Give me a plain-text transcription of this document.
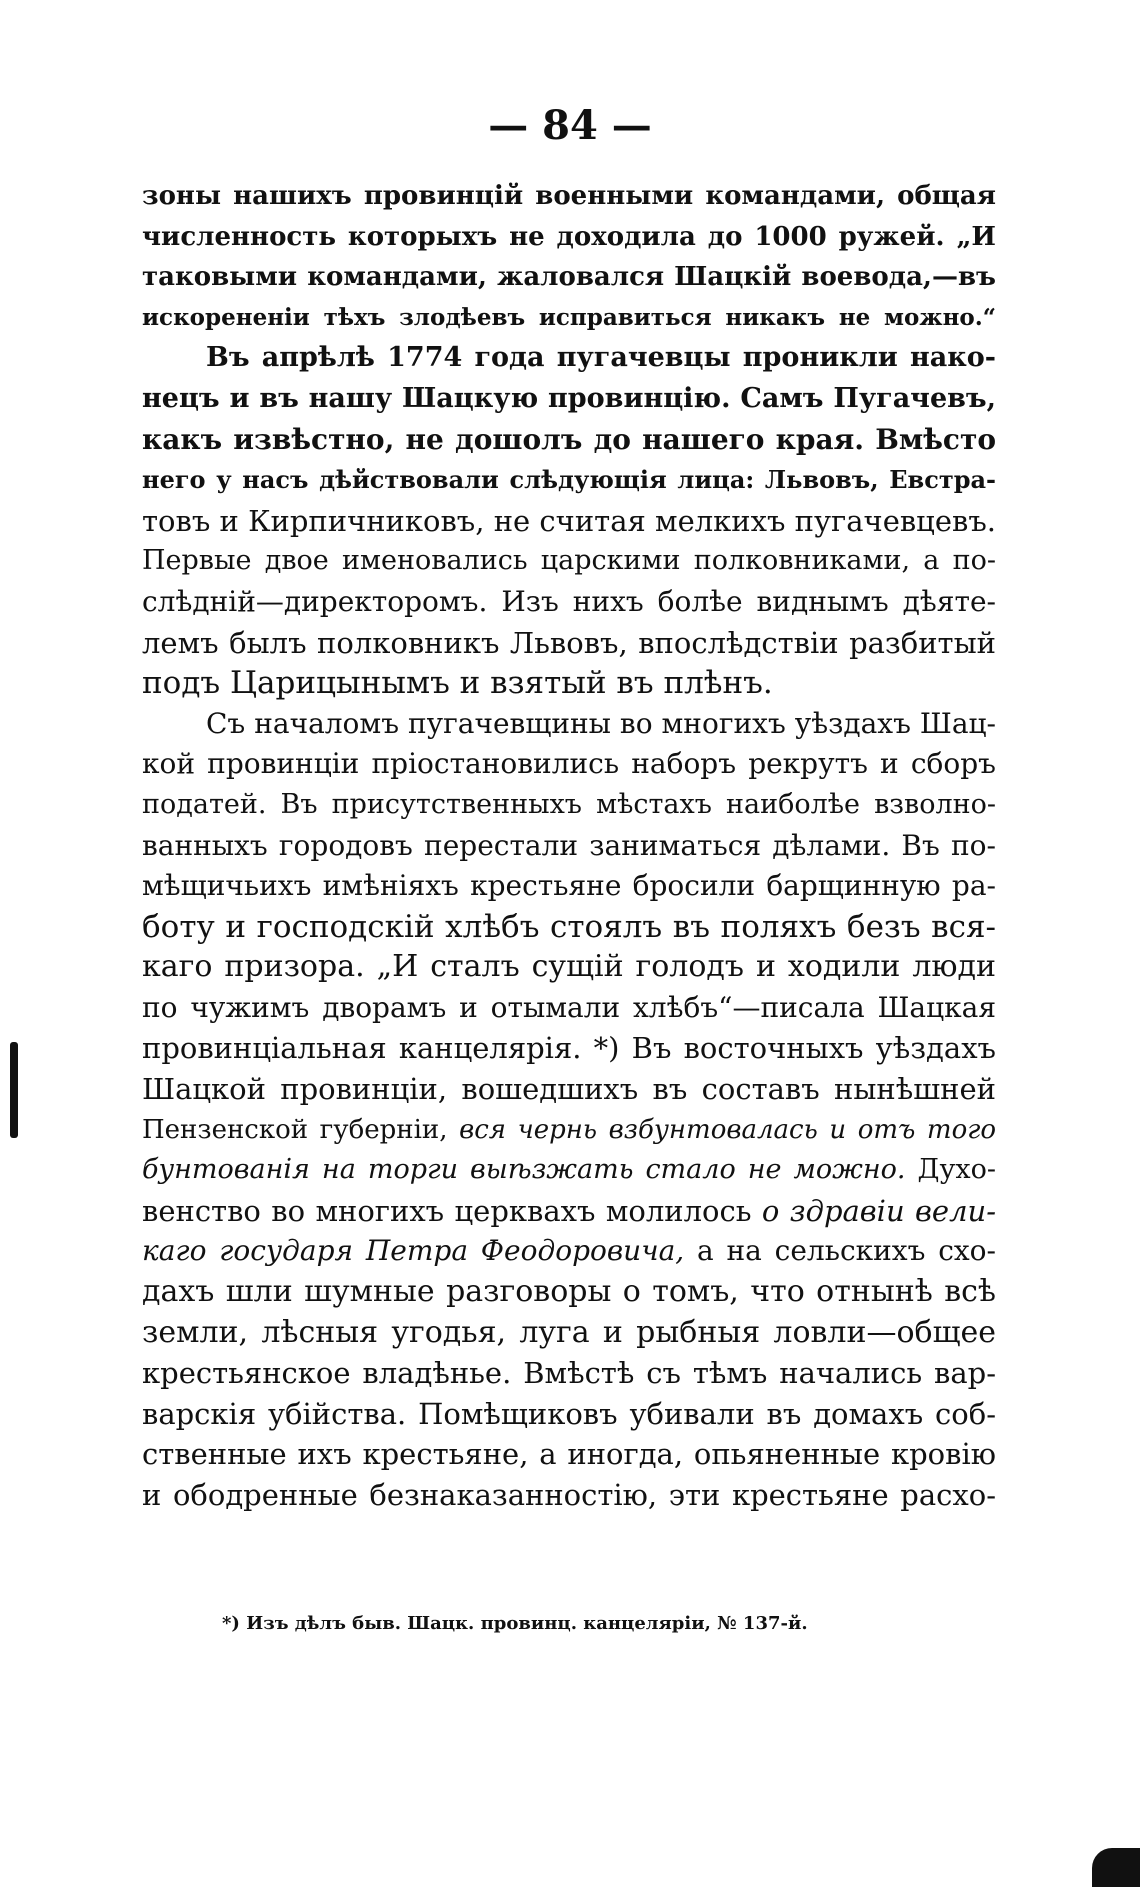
— 84 —
зоны нашихъ провинцій военными командами, общая
численность которыхъ не доходила до 1000 ружей. „И
таковыми командами, жаловался Шацкій воевода,—въ
искорененіи тѣхъ злодѣевъ исправиться никакъ не можно.“
Въ апрѣлѣ 1774 года пугачевцы проникли нако-
нецъ и въ нашу Шацкую провинцію. Самъ Пугачевъ,
какъ извѣстно, не дошолъ до нашего края. Вмѣсто
него у насъ дѣйствовали слѣдующія лица: Львовъ, Евстра-
товъ и Кирпичниковъ, не считая мелкихъ пугачевцевъ.
Первые двое именовались царскими полковниками, а по-
слѣдній—директоромъ. Изъ нихъ болѣе виднымъ дѣяте-
лемъ былъ полковникъ Львовъ, впослѣдствіи разбитый
подъ Царицынымъ и взятый въ плѣнъ.
Съ началомъ пугачевщины во многихъ уѣздахъ Шац-
кой провинціи пріостановились наборъ рекрутъ и сборъ
податей. Въ присутственныхъ мѣстахъ наиболѣе взволно-
ванныхъ городовъ перестали заниматься дѣлами. Въ по-
мѣщичьихъ имѣніяхъ крестьяне бросили барщинную ра-
боту и господскій хлѣбъ стоялъ въ поляхъ безъ вся-
каго призора. „И сталъ сущій голодъ и ходили люди
по чужимъ дворамъ и отымали хлѣбъ“—писала Шацкая
провинціальная канцелярія. *) Въ восточныхъ уѣздахъ
Шацкой провинціи, вошедшихъ въ составъ нынѣшней
Пензенской губерніи, вся чернь взбунтовалась и отъ того
бунтованія на торги выѣзжать стало не можно. Духо-
венство во многихъ церквахъ молилось о здравіи вели-
каго государя Петра Феодоровича, а на сельскихъ схо-
дахъ шли шумные разговоры о томъ, что отнынѣ всѣ
земли, лѣсныя угодья, луга и рыбныя ловли—общее
крестьянское владѣнье. Вмѣстѣ съ тѣмъ начались вар-
варскія убійства. Помѣщиковъ убивали въ домахъ соб-
ственные ихъ крестьяне, а иногда, опьяненные кровію
и ободренные безнаказанностію, эти крестьяне расхо-
*) Изъ дѣлъ быв. Шацк. провинц. канцеляріи, № 137-й.
